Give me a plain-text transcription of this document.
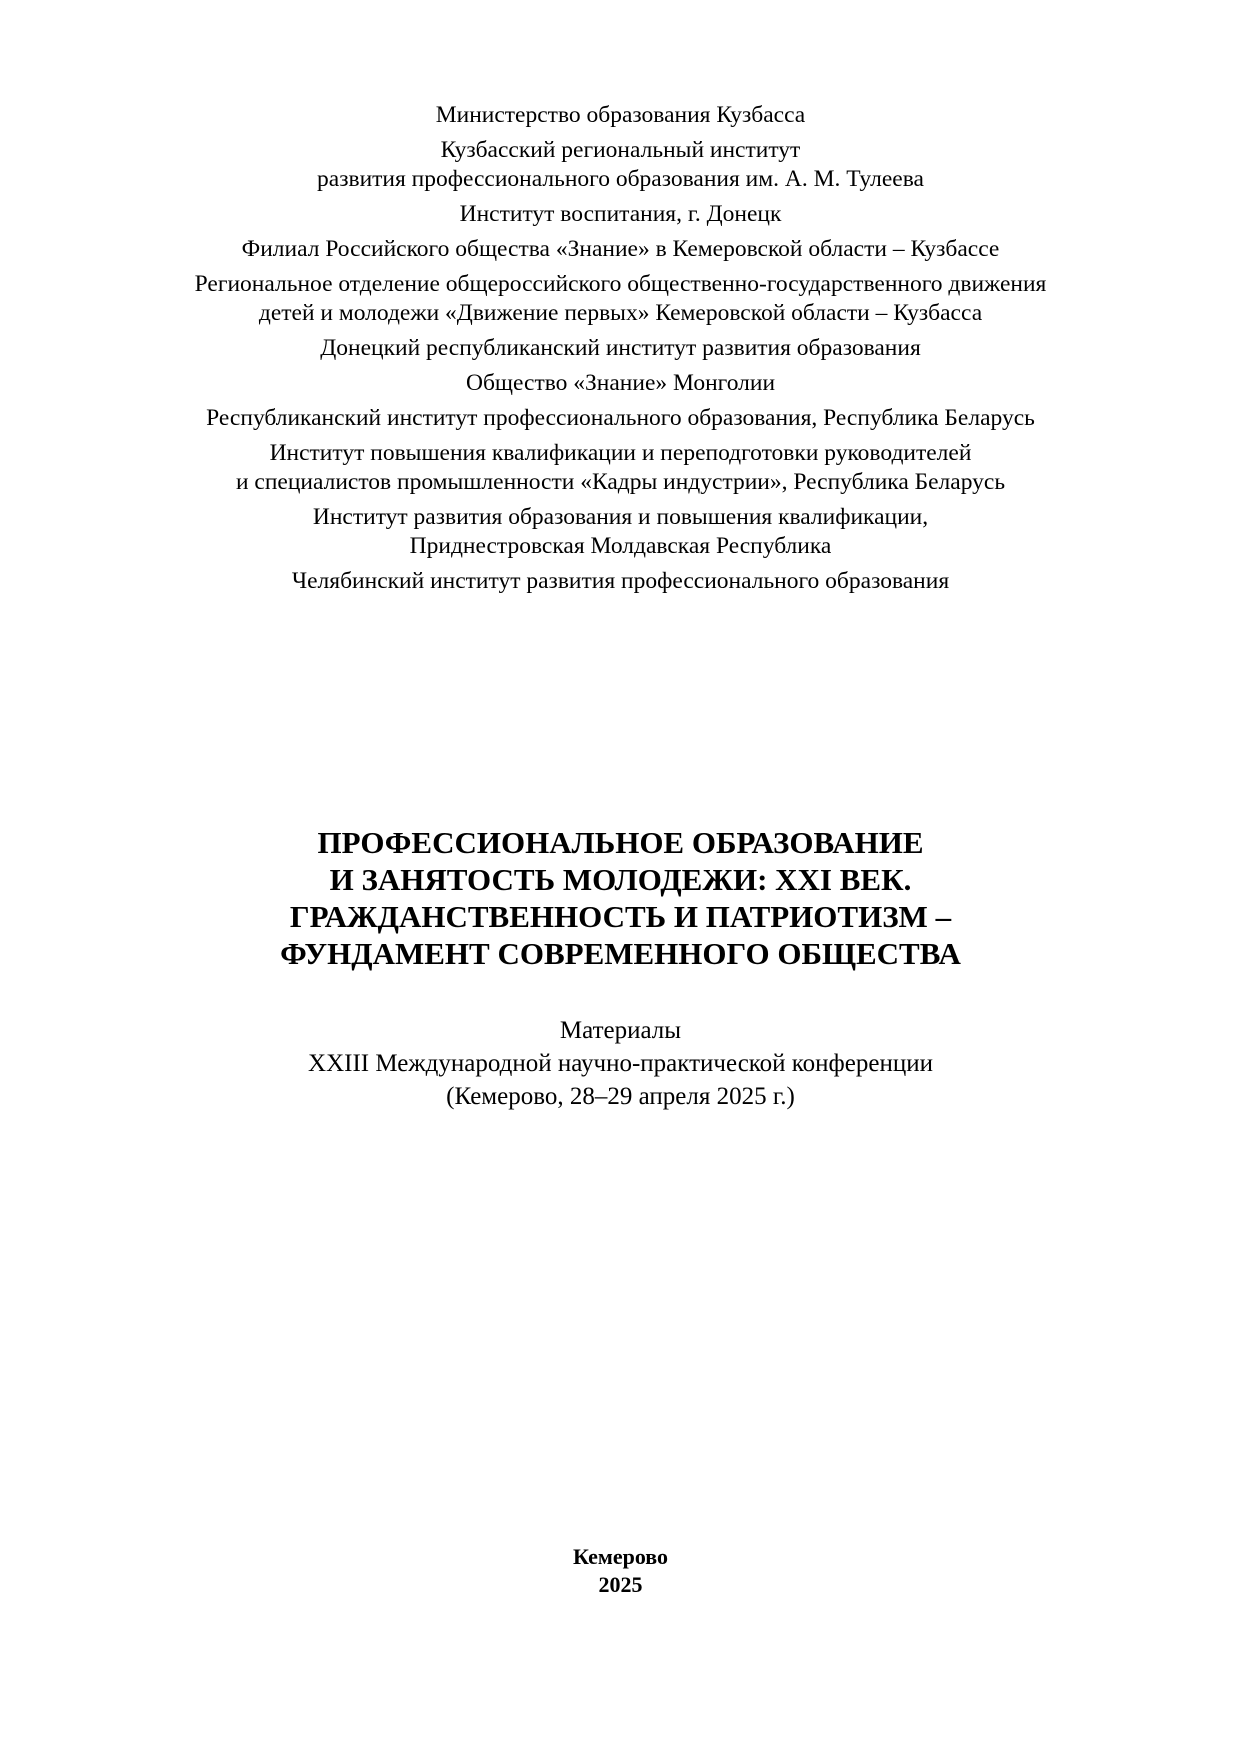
Министерство образования Кузбасса
Кузбасский региональный институт
развития профессионального образования им. А. М. Тулеева
Институт воспитания, г. Донецк
Филиал Российского общества «Знание» в Кемеровской области – Кузбассе
Региональное отделение общероссийского общественно-государственного движения
детей и молодежи «Движение первых» Кемеровской области – Кузбасса
Донецкий республиканский институт развития образования
Общество «Знание» Монголии
Республиканский институт профессионального образования, Республика Беларусь
Институт повышения квалификации и переподготовки руководителей
и специалистов промышленности «Кадры индустрии», Республика Беларусь
Институт развития образования и повышения квалификации,
Приднестровская Молдавская Республика
Челябинский институт развития профессионального образования
ПРОФЕССИОНАЛЬНОЕ ОБРАЗОВАНИЕ
И ЗАНЯТОСТЬ МОЛОДЕЖИ: XXI ВЕК.
ГРАЖДАНСТВЕННОСТЬ И ПАТРИОТИЗМ –
ФУНДАМЕНТ СОВРЕМЕННОГО ОБЩЕСТВА
Материалы
XXIII Международной научно-практической конференции
(Кемерово, 28–29 апреля 2025 г.)
Кемерово
2025
